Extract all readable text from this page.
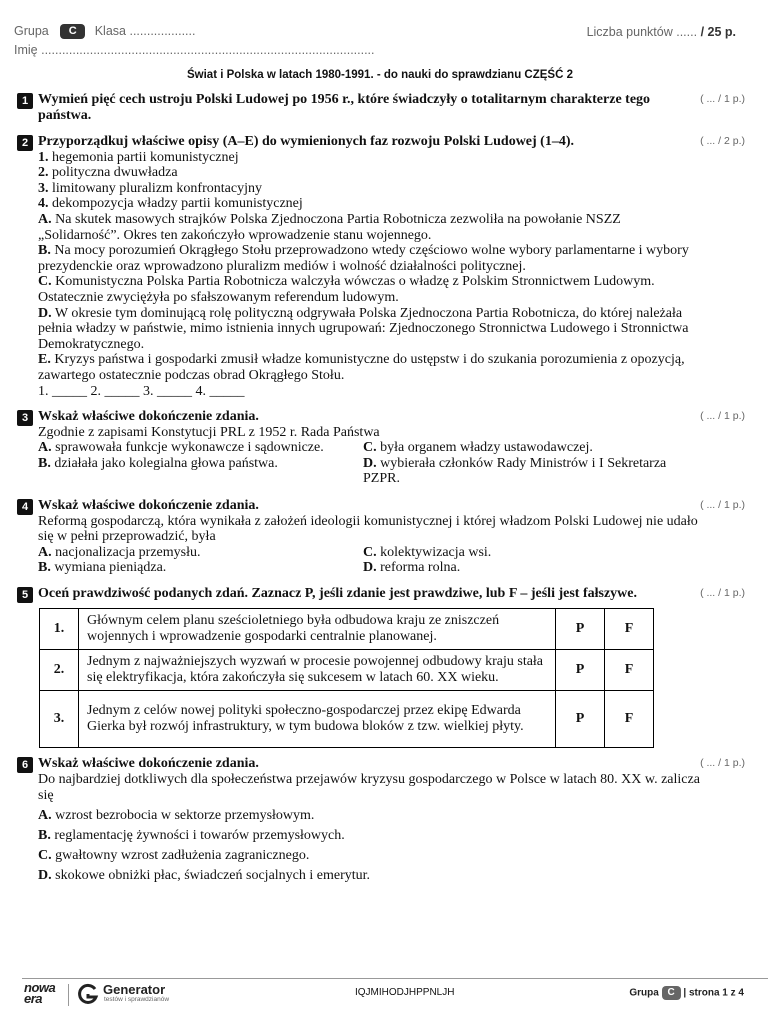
Grupa C Klasa ...................
Imię ................................................................................................
Liczba punktów ...... / 25 p.
Świat i Polska w latach 1980-1991. - do nauki do sprawdzianu CZĘŚĆ 2
1	( ... / 1 p.)
Wymień pięć cech ustroju Polski Ludowej po 1956 r., które świadczyły o totalitarnym charakterze tego państwa.
2	( ... / 2 p.)
Przyporządkuj właściwe opisy (A–E) do wymienionych faz rozwoju Polski Ludowej (1–4).
1. hegemonia partii komunistycznej
2. polityczna dwuwładza
3. limitowany pluralizm konfrontacyjny
4. dekompozycja władzy partii komunistycznej
A. Na skutek masowych strajków Polska Zjednoczona Partia Robotnicza zezwoliła na powołanie NSZZ „Solidarność”. Okres ten zakończyło wprowadzenie stanu wojennego.
B. Na mocy porozumień Okrągłego Stołu przeprowadzono wtedy częściowo wolne wybory parlamentarne i wybory prezydenckie oraz wprowadzono pluralizm mediów i wolność działalności politycznej.
C. Komunistyczna Polska Partia Robotnicza walczyła wówczas o władzę z Polskim Stronnictwem Ludowym. Ostatecznie zwyciężyła po sfałszowanym referendum ludowym.
D. W okresie tym dominującą rolę polityczną odgrywała Polska Zjednoczona Partia Robotnicza, do której należała pełnia władzy w państwie, mimo istnienia innych ugrupowań: Zjednoczonego Stronnictwa Ludowego i Stronnictwa Demokratycznego.
E. Kryzys państwa i gospodarki zmusił władze komunistyczne do ustępstw i do szukania porozumienia z opozycją, zawartego ostatecznie podczas obrad Okrągłego Stołu.
1. _____ 2. _____ 3. _____ 4. _____
3	( ... / 1 p.)
Wskaż właściwe dokończenie zdania.
Zgodnie z zapisami Konstytucji PRL z 1952 r. Rada Państwa
A. sprawowała funkcje wykonawcze i sądownicze.	C. była organem władzy ustawodawczej.
B. działała jako kolegialna głowa państwa.	D. wybierała członków Rady Ministrów i I Sekretarza PZPR.
4	( ... / 1 p.)
Wskaż właściwe dokończenie zdania.
Reformą gospodarczą, która wynikała z założeń ideologii komunistycznej i której władzom Polski Ludowej nie udało się w pełni przeprowadzić, była
A. nacjonalizacja przemysłu.	C. kolektywizacja wsi.
B. wymiana pieniądza.	D. reforma rolna.
5	( ... / 1 p.)
Oceń prawdziwość podanych zdań. Zaznacz P, jeśli zdanie jest prawdziwe, lub F – jeśli jest fałszywe.
1.	Głównym celem planu sześcioletniego była odbudowa kraju ze zniszczeń wojennych i wprowadzenie gospodarki centralnie planowanej.	P	F
2.	Jednym z najważniejszych wyzwań w procesie powojennej odbudowy kraju stała się elektryfikacja, która zakończyła się sukcesem w latach 60. XX wieku.	P	F
3.	Jednym z celów nowej polityki społeczno-gospodarczej przez ekipę Edwarda Gierka był rozwój infrastruktury, w tym budowa bloków z tzw. wielkiej płyty.	P	F
6	( ... / 1 p.)
Wskaż właściwe dokończenie zdania.
Do najbardziej dotkliwych dla społeczeństwa przejawów kryzysu gospodarczego w Polsce w latach 80. XX w. zalicza się
A. wzrost bezrobocia w sektorze przemysłowym.
B. reglamentację żywności i towarów przemysłowych.
C. gwałtowny wzrost zadłużenia zagranicznego.
D. skokowe obniżki płac, świadczeń socjalnych i emerytur.
nowa
era
Generator
testów i sprawdzianów
IQJMIHODJHPPNLJH	Grupa C | strona 1 z 4
